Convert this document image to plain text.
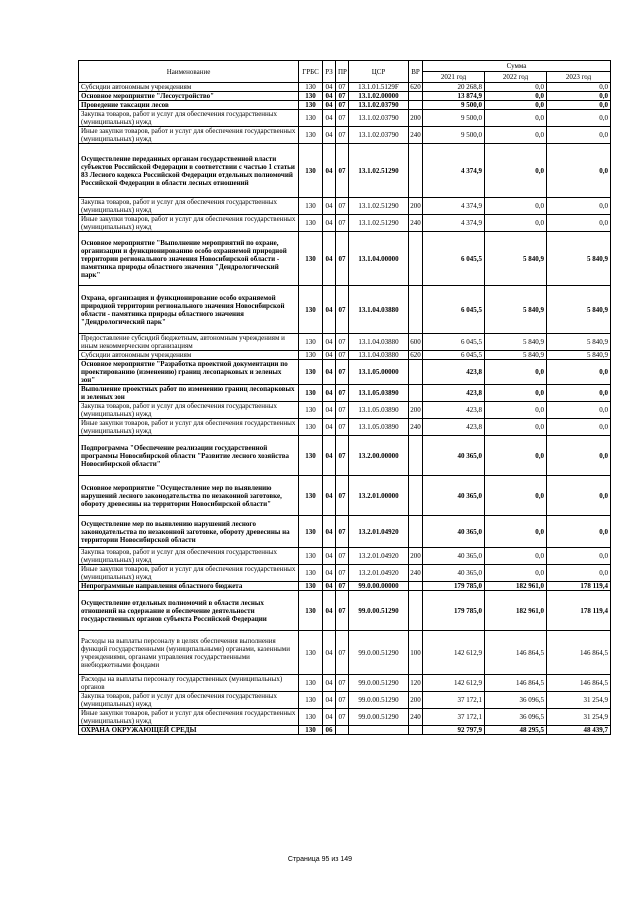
Наименование	ГРБС	РЗ	ПР	ЦСР	ВР	Сумма		
						2021 год	2022 год	2023 год
Субсидии автономным учреждениям	130	04	07	13.1.01.5129F	620	20 268,8	0,0	0,0
Основное мероприятие "Лесоустройство"	130	04	07	13.1.02.00000		13 874,9	0,0	0,0
Проведение таксации лесов	130	04	07	13.1.02.03790		9 500,0	0,0	0,0
Закупка товаров, работ и услуг для обеспечения государственных (муниципальных) нужд	130	04	07	13.1.02.03790	200	9 500,0	0,0	0,0
Иные закупки товаров, работ и услуг для обеспечения государственных (муниципальных) нужд	130	04	07	13.1.02.03790	240	9 500,0	0,0	0,0
Осуществление переданных органам государственной власти субъектов Российской Федерации в соответствии с частью 1 статьи 83 Лесного кодекса Российской Федерации отдельных полномочий Российской Федерации в области лесных отношений	130	04	07	13.1.02.51290		4 374,9	0,0	0,0
Закупка товаров, работ и услуг для обеспечения государственных (муниципальных) нужд	130	04	07	13.1.02.51290	200	4 374,9	0,0	0,0
Иные закупки товаров, работ и услуг для обеспечения государственных (муниципальных) нужд	130	04	07	13.1.02.51290	240	4 374,9	0,0	0,0
Основное мероприятие "Выполнение мероприятий по охране, организации и функционированию особо охраняемой природной территории регионального значения Новосибирской области - памятника природы областного значения "Дендрологический парк"	130	04	07	13.1.04.00000		6 045,5	5 840,9	5 840,9
Охрана, организация и функционирование особо охраняемой природной территории регионального значения Новосибирской области - памятника природы областного значения "Дендрологический парк"	130	04	07	13.1.04.03880		6 045,5	5 840,9	5 840,9
Предоставление субсидий бюджетным, автономным учреждениям и иным некоммерческим организациям	130	04	07	13.1.04.03880	600	6 045,5	5 840,9	5 840,9
Субсидии автономным учреждениям	130	04	07	13.1.04.03880	620	6 045,5	5 840,9	5 840,9
Основное мероприятие "Разработка проектной документации по проектированию (изменению) границ лесопарковых и зеленых зон"	130	04	07	13.1.05.00000		423,8	0,0	0,0
Выполнение проектных работ по изменению границ лесопарковых и зеленых зон	130	04	07	13.1.05.03890		423,8	0,0	0,0
Закупка товаров, работ и услуг для обеспечения государственных (муниципальных) нужд	130	04	07	13.1.05.03890	200	423,8	0,0	0,0
Иные закупки товаров, работ и услуг для обеспечения государственных (муниципальных) нужд	130	04	07	13.1.05.03890	240	423,8	0,0	0,0
Подпрограмма "Обеспечение реализации государственной программы Новосибирской области "Развитие лесного хозяйства Новосибирской области"	130	04	07	13.2.00.00000		40 365,0	0,0	0,0
Основное мероприятие "Осуществление мер по выявлению нарушений лесного законодательства по незаконной заготовке, обороту древесины на территории Новосибирской области"	130	04	07	13.2.01.00000		40 365,0	0,0	0,0
Осуществление мер по выявлению нарушений лесного законодательства по незаконной заготовке, обороту древесины на территории Новосибирской области	130	04	07	13.2.01.04920		40 365,0	0,0	0,0
Закупка товаров, работ и услуг для обеспечения государственных (муниципальных) нужд	130	04	07	13.2.01.04920	200	40 365,0	0,0	0,0
Иные закупки товаров, работ и услуг для обеспечения государственных (муниципальных) нужд	130	04	07	13.2.01.04920	240	40 365,0	0,0	0,0
Непрограммные направления областного бюджета	130	04	07	99.0.00.00000		179 785,0	182 961,0	178 119,4
Осуществление отдельных полномочий в области лесных отношений на содержание и обеспечение деятельности государственных органов субъекта Российской Федерации	130	04	07	99.0.00.51290		179 785,0	182 961,0	178 119,4
Расходы на выплаты персоналу в целях обеспечения выполнения функций государственными (муниципальными) органами, казенными учреждениями, органами управления государственными внебюджетными фондами	130	04	07	99.0.00.51290	100	142 612,9	146 864,5	146 864,5
Расходы на выплаты персоналу государственных (муниципальных) органов	130	04	07	99.0.00.51290	120	142 612,9	146 864,5	146 864,5
Закупка товаров, работ и услуг для обеспечения государственных (муниципальных) нужд	130	04	07	99.0.00.51290	200	37 172,1	36 096,5	31 254,9
Иные закупки товаров, работ и услуг для обеспечения государственных (муниципальных) нужд	130	04	07	99.0.00.51290	240	37 172,1	36 096,5	31 254,9
ОХРАНА ОКРУЖАЮЩЕЙ СРЕДЫ	130	06				92 797,9	48 295,5	48 439,7
Страница 95 из 149
